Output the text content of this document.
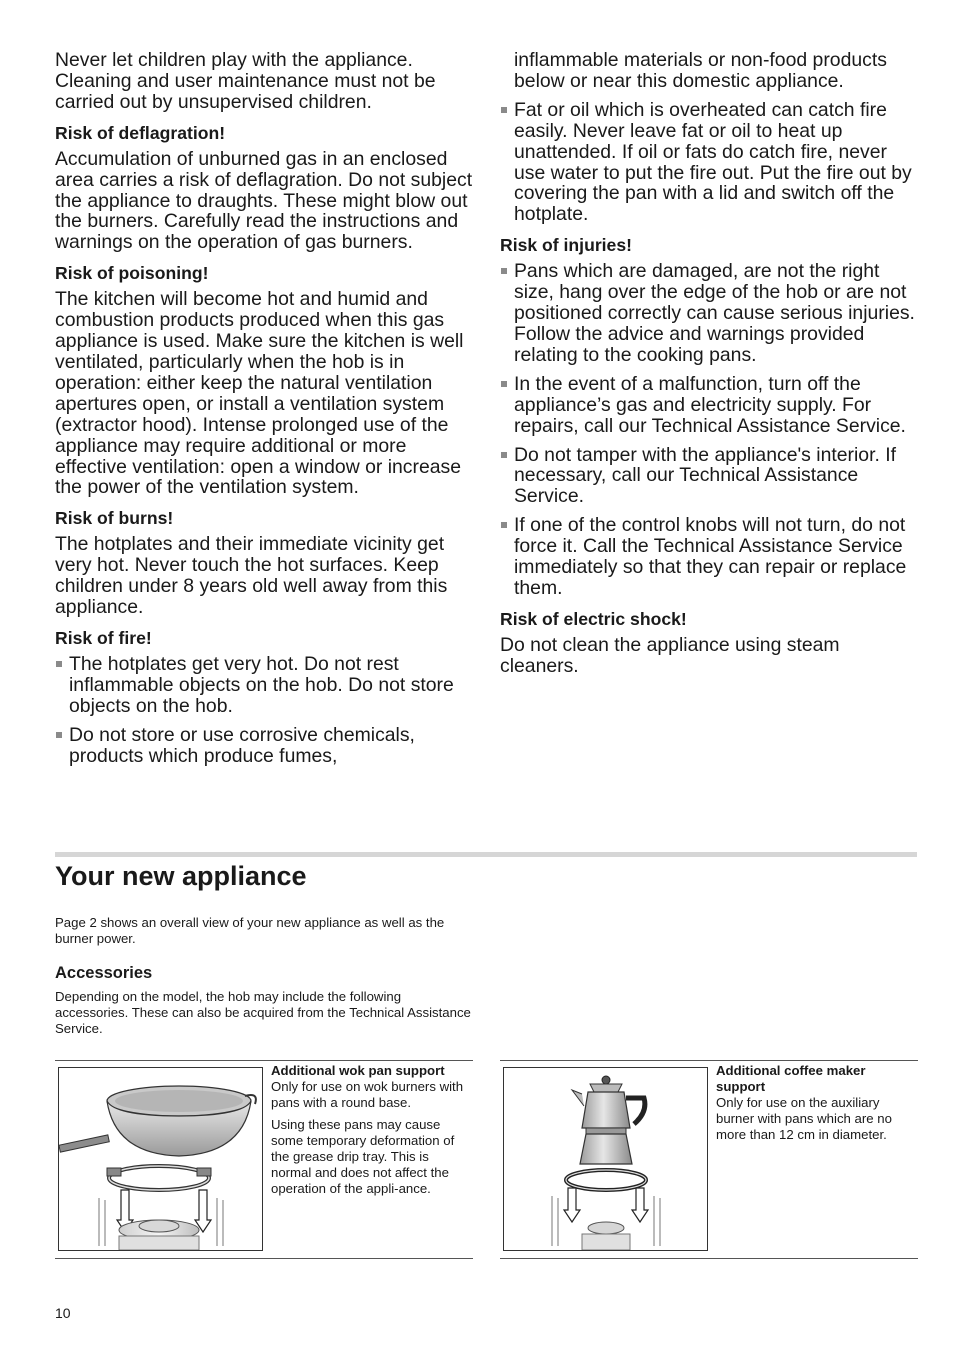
Never let children play with the appliance. Cleaning and user maintenance must not be carried out by unsupervised children.

Risk of deflagration!

Accumulation of unburned gas in an enclosed area carries a risk of deflagration. Do not subject the appliance to draughts. These might blow out the burners. Carefully read the instructions and warnings on the operation of gas burners.

Risk of poisoning!

The kitchen will become hot and humid and combustion products produced when this gas appliance is used. Make sure the kitchen is well ventilated, particularly when the hob is in operation: either keep the natural ventilation apertures open, or install a ventilation system (extractor hood). Intense prolonged use of the appliance may require additional or more effective ventilation: open a window or increase the power of the ventilation system.

Risk of burns!

The hotplates and their immediate vicinity get very hot. Never touch the hot surfaces. Keep children under 8 years old well away from this appliance.

Risk of fire!

The hotplates get very hot. Do not rest inflammable objects on the hob. Do not store objects on the hob.
Do not store or use corrosive chemicals, products which produce fumes,

inflammable materials or non-food products below or near this domestic appliance.

Fat or oil which is overheated can catch fire easily. Never leave fat or oil to heat up unattended. If oil or fats do catch fire, never use water to put the fire out. Put the fire out by covering the pan with a lid and switch off the hotplate.

Risk of injuries!

Pans which are damaged, are not the right size, hang over the edge of the hob or are not positioned correctly can cause serious injuries. Follow the advice and warnings provided relating to the cooking pans.
In the event of a malfunction, turn off the appliance’s gas and electricity supply. For repairs, call our Technical Assistance Service.
Do not tamper with the appliance's interior. If necessary, call our Technical Assistance Service.
If one of the control knobs will not turn, do not force it. Call the Technical Assistance Service immediately so that they can repair or replace them.

Risk of electric shock!

Do not clean the appliance using steam cleaners.

Your new appliance

Page 2 shows an overall view of your new appliance as well as the burner power.

Accessories

Depending on the model, the hob may include the following accessories. These can also be acquired from the Technical Assistance Service.

Additional wok pan support

Only for use on wok burners with pans with a round base.

Using these pans may cause some temporary deformation of the grease drip tray. This is normal and does not affect the operation of the appli-ance.

Additional coffee maker support

Only for use on the auxiliary burner with pans which are no more than 12 cm in diameter.

10
